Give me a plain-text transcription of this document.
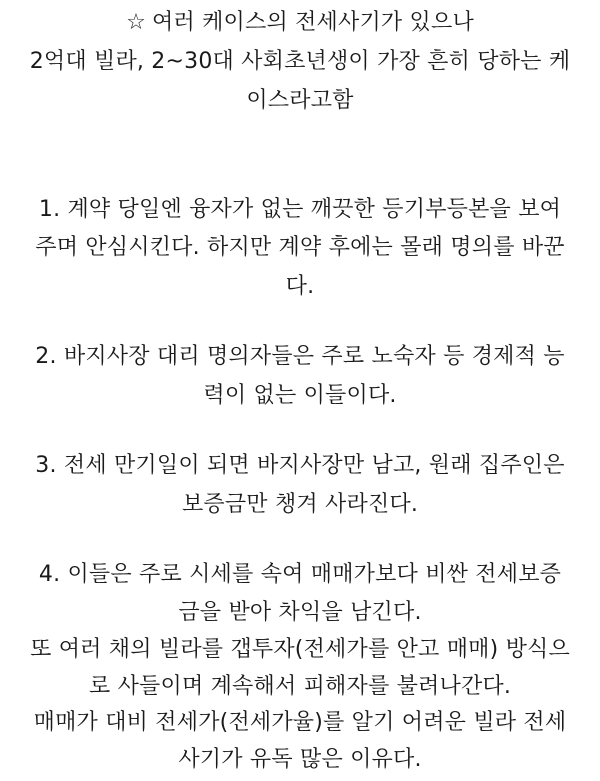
☆ 여러 케이스의 전세사기가 있으나
2억대 빌라, 2~30대 사회초년생이 가장 흔히 당하는 케
이스라고함
1. 계약 당일엔 융자가 없는 깨끗한 등기부등본을 보여
주며 안심시킨다. 하지만 계약 후에는 몰래 명의를 바꾼
다.
2. 바지사장 대리 명의자들은 주로 노숙자 등 경제적 능
력이 없는 이들이다.
3. 전세 만기일이 되면 바지사장만 남고, 원래 집주인은
보증금만 챙겨 사라진다.
4. 이들은 주로 시세를 속여 매매가보다 비싼 전세보증
금을 받아 차익을 남긴다.
또 여러 채의 빌라를 갭투자(전세가를 안고 매매) 방식으
로 사들이며 계속해서 피해자를 불려나간다.
매매가 대비 전세가(전세가율)를 알기 어려운 빌라 전세
사기가 유독 많은 이유다.
